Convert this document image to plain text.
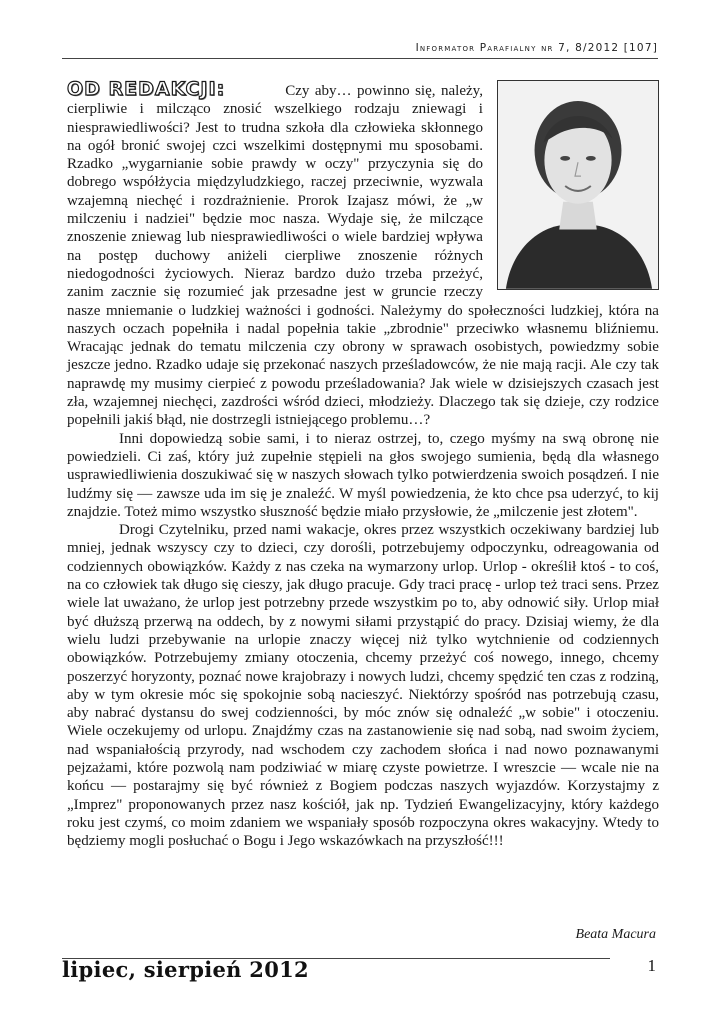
Informator Parafialny nr 7, 8/2012 [107]

OD REDAKCJI:	Czy aby… powinno się, należy, cierpliwie i milcząco znosić wszelkiego rodzaju zniewagi i niesprawiedliwości? Jest to trudna szkoła dla człowieka skłonnego na ogół bronić swojej czci wszelkimi dostępnymi mu sposobami. Rzadko „wygarnianie sobie prawdy w oczy" przyczynia się do dobrego współżycia międzyludzkiego, raczej przeciwnie, wyzwala wzajemną niechęć i rozdrażnienie. Prorok Izajasz mówi, że „w milczeniu i nadziei" będzie moc nasza. Wydaje się, że milczące znoszenie zniewag lub niesprawiedliwości o wiele bardziej wpływa na postęp duchowy aniżeli cierpliwe znoszenie różnych niedogodności życiowych. Nieraz bardzo dużo trzeba przeżyć, zanim zacznie się rozumieć jak przesadne jest w gruncie rzeczy nasze mniemanie o ludzkiej ważności i godności. Należymy do społeczności ludzkiej, która na naszych oczach popełniła i nadal popełnia takie „zbrodnie" przeciwko własnemu bliźniemu. Wracając jednak do tematu milczenia czy obrony w sprawach osobistych, powiedzmy sobie jeszcze jedno. Rzadko udaje się przekonać naszych prześladowców, że nie mają racji. Ale czy tak naprawdę my musimy cierpieć z powodu prześladowania? Jak wiele w dzisiejszych czasach jest zła, wzajemnej niechęci, zazdrości wśród dzieci, młodzieży. Dlaczego tak się dzieje, czy rodzice popełnili jakiś błąd, nie dostrzegli istniejącego problemu…?

Inni dopowiedzą sobie sami, i to nieraz ostrzej, to, czego myśmy na swą obronę nie powiedzieli. Ci zaś, który już zupełnie stępieli na głos swojego sumienia, będą dla własnego usprawiedliwienia doszukiwać się w naszych słowach tylko potwierdzenia swoich posądzeń. I nie ludźmy się — zawsze uda im się je znaleźć. W myśl powiedzenia, że kto chce psa uderzyć, to kij znajdzie. Toteż mimo wszystko słuszność będzie miało przysłowie, że „milczenie jest złotem".

Drogi Czytelniku, przed nami wakacje, okres przez wszystkich oczekiwany bardziej lub mniej, jednak wszyscy czy to dzieci, czy dorośli, potrzebujemy odpoczynku, odreagowania od codziennych obowiązków. Każdy z nas czeka na wymarzony urlop. Urlop - określił ktoś - to coś, na co człowiek tak długo się cieszy, jak długo pracuje. Gdy traci pracę - urlop też traci sens. Przez wiele lat uważano, że urlop jest potrzebny przede wszystkim po to, aby odnowić siły. Urlop miał być dłuższą przerwą na oddech, by z nowymi siłami przystąpić do pracy. Dzisiaj wiemy, że dla wielu ludzi przebywanie na urlopie znaczy więcej niż tylko wytchnienie od codziennych obowiązków. Potrzebujemy zmiany otoczenia, chcemy przeżyć coś nowego, innego, chcemy poszerzyć horyzonty, poznać nowe krajobrazy i nowych ludzi, chcemy spędzić ten czas z rodziną, aby w tym okresie móc się spokojnie sobą nacieszyć. Niektórzy spośród nas potrzebują czasu, aby nabrać dystansu do swej codzienności, by móc znów się odnaleźć „w sobie" i otoczeniu. Wiele oczekujemy od urlopu. Znajdźmy czas na zastanowienie się nad sobą, nad swoim życiem, nad wspaniałością przyrody, nad wschodem czy zachodem słońca i nad nowo poznawanymi pejzażami, które pozwolą nam podziwiać w miarę czyste powietrze. I wreszcie — wcale nie na końcu — postarajmy się być również z Bogiem podczas naszych wyjazdów. Korzystajmy z „Imprez" proponowanych przez nasz kościół, jak np. Tydzień Ewangelizacyjny, który każdego roku jest czymś, co moim zdaniem we wspaniały sposób rozpoczyna okres wakacyjny. Wtedy to będziemy mogli posłuchać o Bogu i Jego wskazówkach na przyszłość!!!

Beata Macura
lipiec, sierpień 2012	1
